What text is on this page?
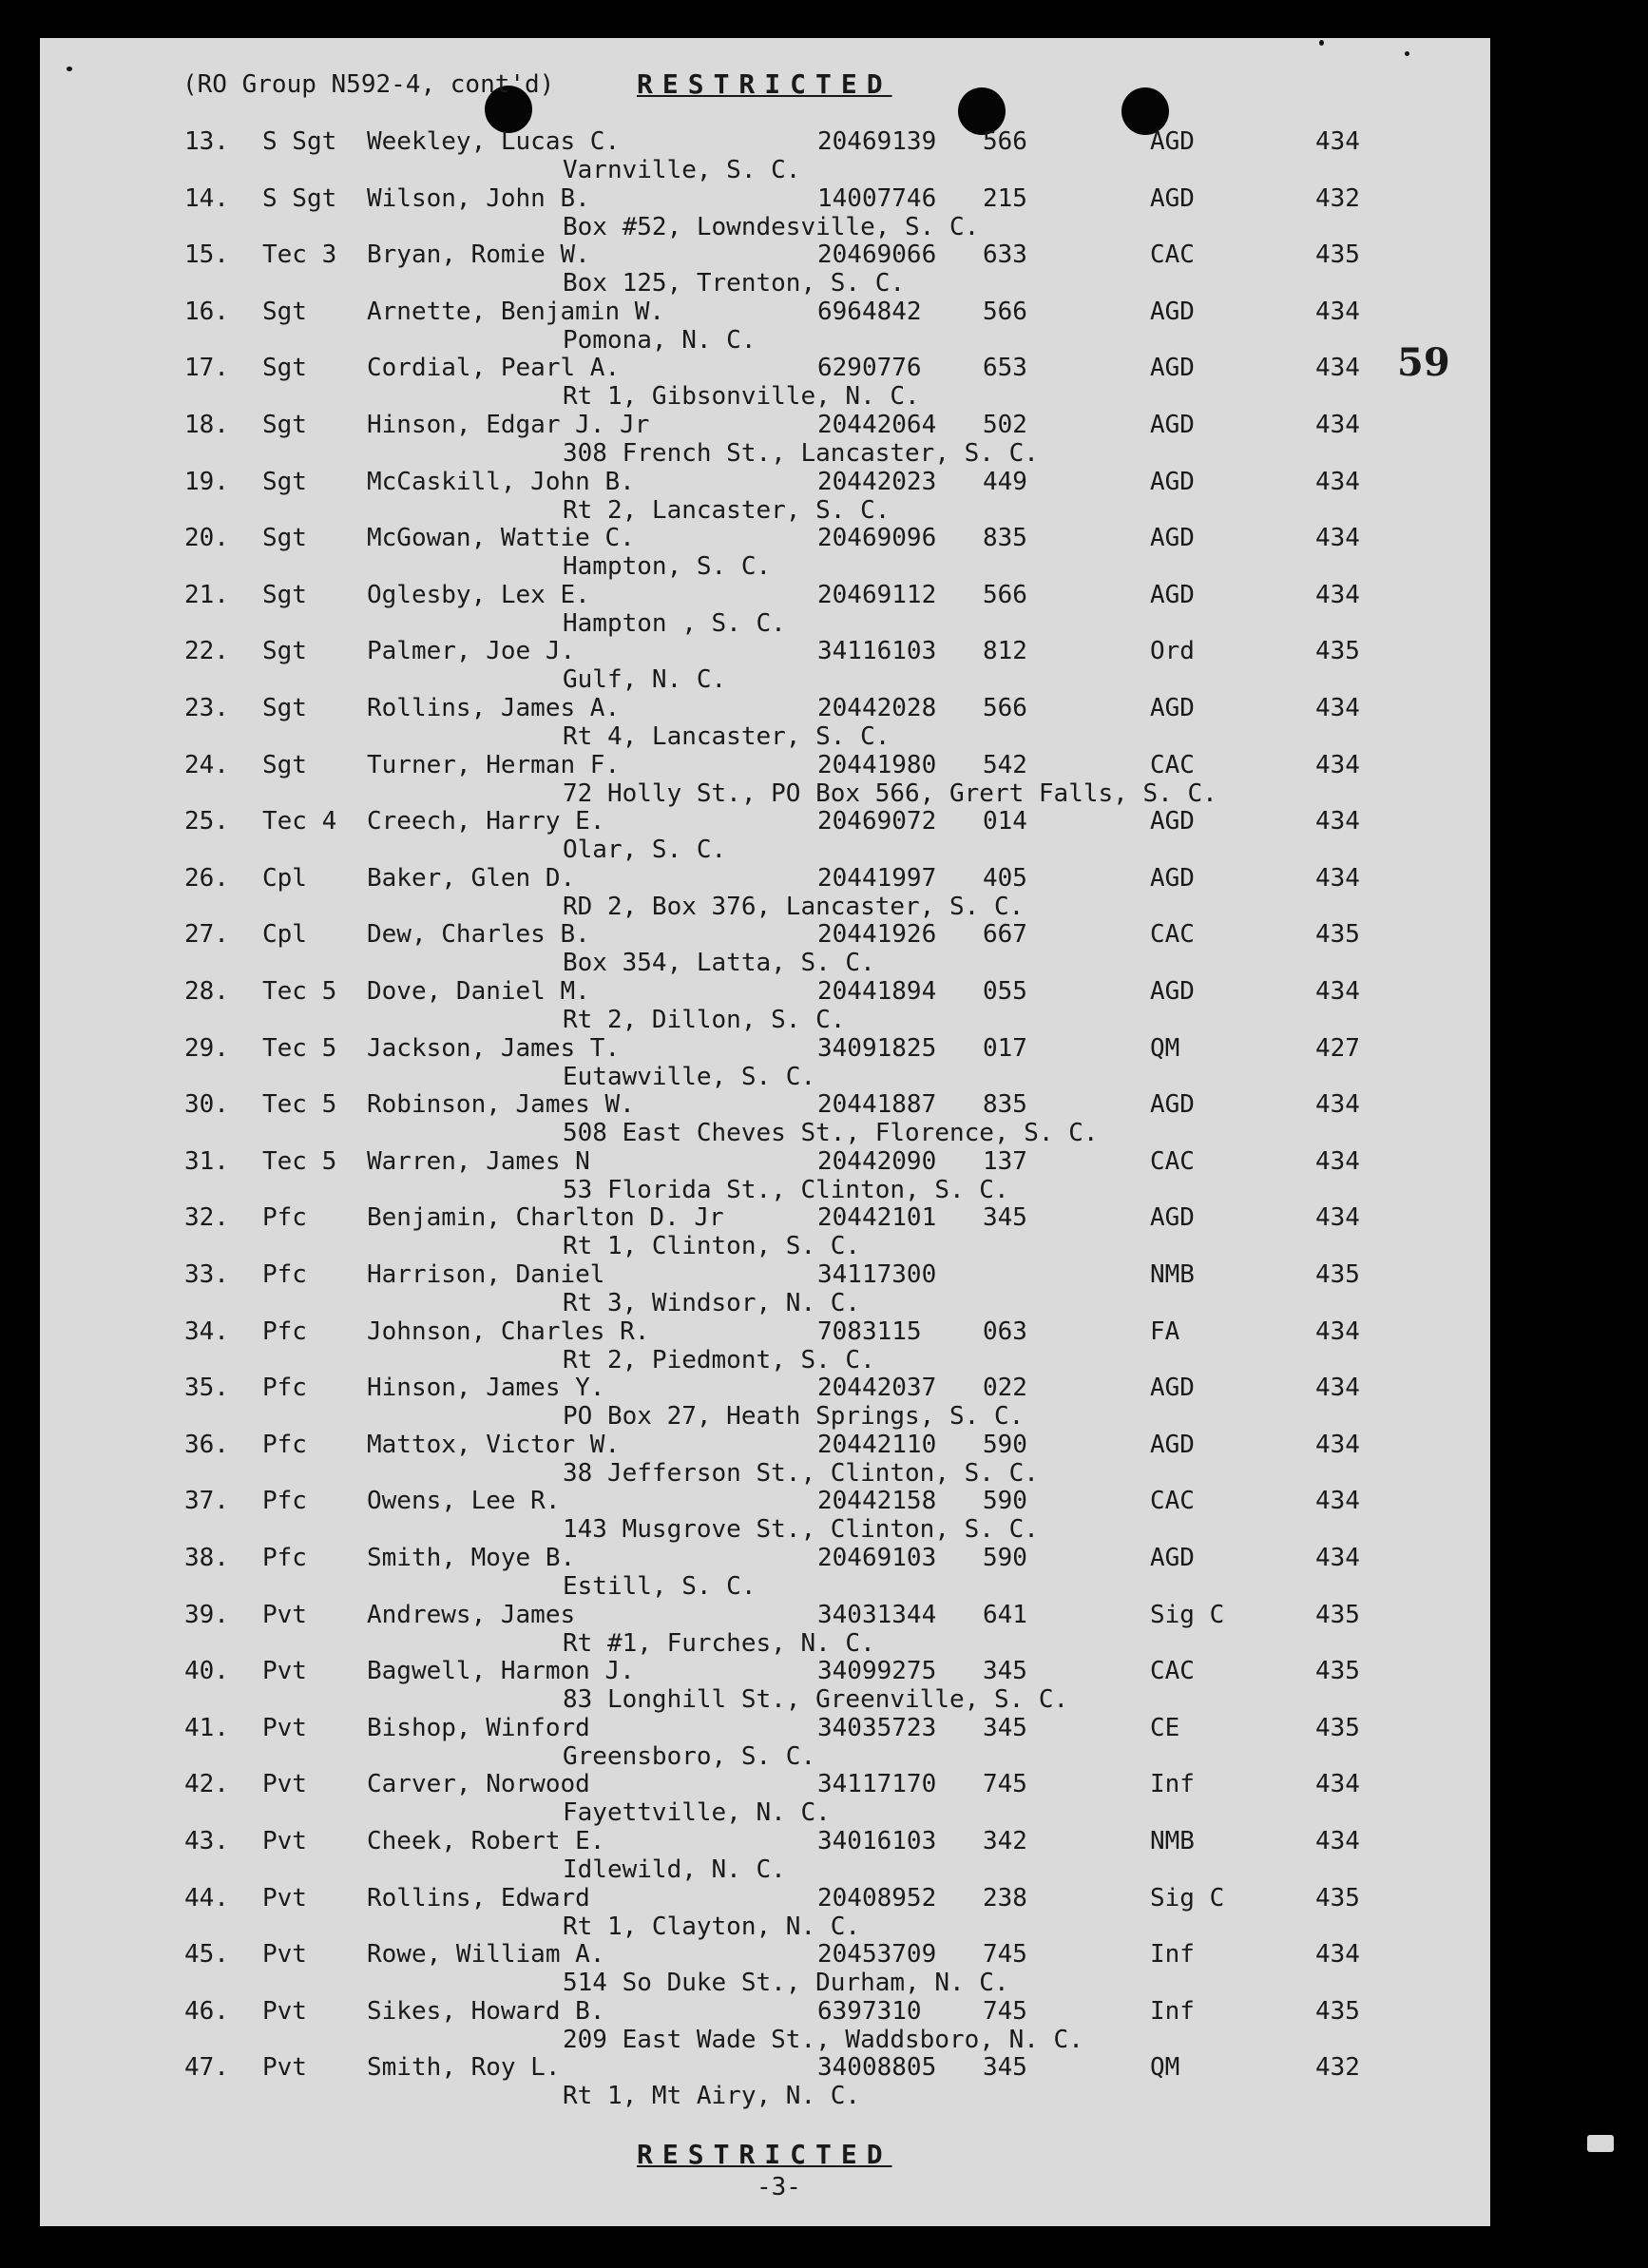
(RO Group N592-4, cont'd)	RESTRICTED
59
13. S Sgt Weekley, Lucas C.	20469139 566	AGD	434
Varnville, S. C.
14. S Sgt Wilson, John B.	14007746 215	AGD	432
Box #52, Lowndesville, S. C.
15. Tec 3 Bryan, Romie W.	20469066 633	CAC	435
Box 125, Trenton, S. C.
16. Sgt Arnette, Benjamin W.	6964842 566	AGD	434
Pomona, N. C.
17. Sgt Cordial, Pearl A.	6290776 653	AGD	434
Rt 1, Gibsonville, N. C.
18. Sgt Hinson, Edgar J. Jr	20442064 502	AGD	434
308 French St., Lancaster, S. C.
19. Sgt McCaskill, John B.	20442023 449	AGD	434
Rt 2, Lancaster, S. C.
20. Sgt McGowan, Wattie C.	20469096 835	AGD	434
Hampton, S. C.
21. Sgt Oglesby, Lex E.	20469112 566	AGD	434
Hampton , S. C.
22. Sgt Palmer, Joe J.	34116103 812	Ord	435
Gulf, N. C.
23. Sgt Rollins, James A.	20442028 566	AGD	434
Rt 4, Lancaster, S. C.
24. Sgt Turner, Herman F.	20441980 542	CAC	434
72 Holly St., PO Box 566, Grert Falls, S. C.
25. Tec 4 Creech, Harry E.	20469072 014	AGD	434
Olar, S. C.
26. Cpl Baker, Glen D.	20441997 405	AGD	434
RD 2, Box 376, Lancaster, S. C.
27. Cpl Dew, Charles B.	20441926 667	CAC	435
Box 354, Latta, S. C.
28. Tec 5 Dove, Daniel M.	20441894 055	AGD	434
Rt 2, Dillon, S. C.
29. Tec 5 Jackson, James T.	34091825 017	QM	427
Eutawville, S. C.
30. Tec 5 Robinson, James W.	20441887 835	AGD	434
508 East Cheves St., Florence, S. C.
31. Tec 5 Warren, James N	20442090 137	CAC	434
53 Florida St., Clinton, S. C.
32. Pfc Benjamin, Charlton D. Jr	20442101 345	AGD	434
Rt 1, Clinton, S. C.
33. Pfc Harrison, Daniel	34117300	NMB	435
Rt 3, Windsor, N. C.
34. Pfc Johnson, Charles R.	7083115 063	FA	434
Rt 2, Piedmont, S. C.
35. Pfc Hinson, James Y.	20442037 022	AGD	434
PO Box 27, Heath Springs, S. C.
36. Pfc Mattox, Victor W.	20442110 590	AGD	434
38 Jefferson St., Clinton, S. C.
37. Pfc Owens, Lee R.	20442158 590	CAC	434
143 Musgrove St., Clinton, S. C.
38. Pfc Smith, Moye B.	20469103 590	AGD	434
Estill, S. C.
39. Pvt Andrews, James	34031344 641	Sig C	435
Rt #1, Furches, N. C.
40. Pvt Bagwell, Harmon J.	34099275 345	CAC	435
83 Longhill St., Greenville, S. C.
41. Pvt Bishop, Winford	34035723 345	CE	435
Greensboro, S. C.
42. Pvt Carver, Norwood	34117170 745	Inf	434
Fayettville, N. C.
43. Pvt Cheek, Robert E.	34016103 342	NMB	434
Idlewild, N. C.
44. Pvt Rollins, Edward	20408952 238	Sig C	435
Rt 1, Clayton, N. C.
45. Pvt Rowe, William A.	20453709 745	Inf	434
514 So Duke St., Durham, N. C.
46. Pvt Sikes, Howard B.	6397310 745	Inf	435
209 East Wade St., Waddsboro, N. C.
47. Pvt Smith, Roy L.	34008805 345	QM	432
Rt 1, Mt Airy, N. C.
RESTRICTED
-3-
